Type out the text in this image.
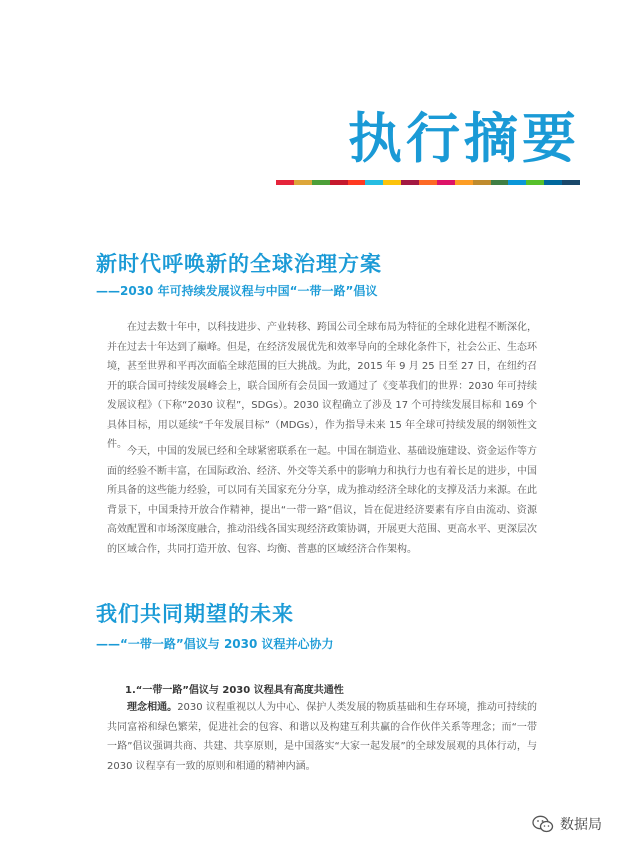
执行摘要
新时代呼唤新的全球治理方案

——2030 年可持续发展议程与中国“一带一路”倡议

在过去数十年中，以科技进步、产业转移、跨国公司全球布局为特征的全球化进程不断深化，并在过去十年达到了巅峰。但是，在经济发展优先和效率导向的全球化条件下，社会公正、生态环境，甚至世界和平再次面临全球范围的巨大挑战。为此，2015 年 9 月 25 日至 27 日，在纽约召开的联合国可持续发展峰会上，联合国所有会员国一致通过了《变革我们的世界：2030 年可持续发展议程》（下称“2030 议程”，SDGs）。2030 议程确立了涉及 17 个可持续发展目标和 169 个具体目标，用以延续“千年发展目标”（MDGs），作为指导未来 15 年全球可持续发展的纲领性文件。

今天，中国的发展已经和全球紧密联系在一起。中国在制造业、基础设施建设、资金运作等方面的经验不断丰富，在国际政治、经济、外交等关系中的影响力和执行力也有着长足的进步，中国所具备的这些能力经验，可以同有关国家充分分享，成为推动经济全球化的支撑及活力来源。在此背景下，中国秉持开放合作精神，提出“一带一路”倡议，旨在促进经济要素有序自由流动、资源高效配置和市场深度融合，推动沿线各国实现经济政策协调，开展更大范围、更高水平、更深层次的区域合作，共同打造开放、包容、均衡、普惠的区域经济合作架构。

我们共同期望的未来

——“一带一路”倡议与 2030 议程并心协力

1.“一带一路”倡议与 2030 议程具有高度共通性

理念相通。2030 议程重视以人为中心、保护人类发展的物质基础和生存环境，推动可持续的共同富裕和绿色繁荣，促进社会的包容、和谐以及构建互利共赢的合作伙伴关系等理念；而“一带一路”倡议强调共商、共建、共享原则，是中国落实“大家一起发展”的全球发展观的具体行动，与 2030 议程享有一致的原则和相通的精神内涵。

数据局
